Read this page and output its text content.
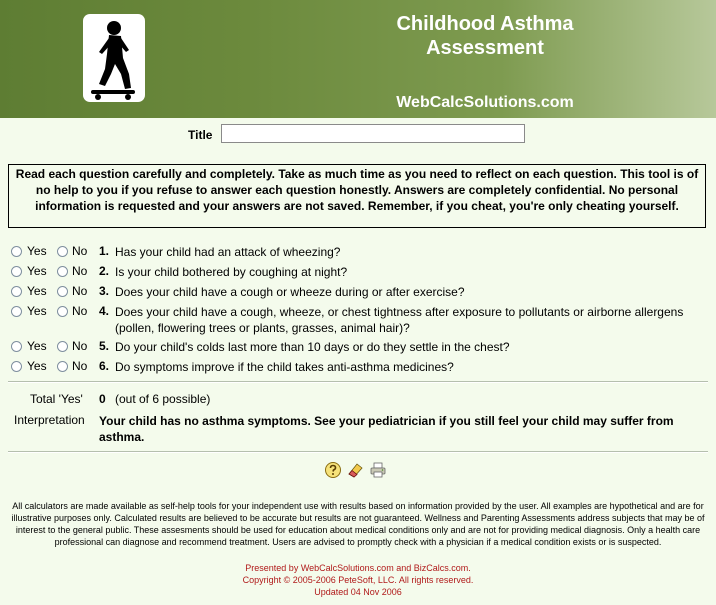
Childhood Asthma
Assessment
WebCalcSolutions.com
Title
Read each question carefully and completely. Take as much time as you need to reflect on each question. This tool is of no help to you if you refuse to answer each question honestly. Answers are completely confidential. No personal information is requested and your answers are not saved. Remember, if you cheat, you're only cheating yourself.
Yes No 1. Has your child had an attack of wheezing?
Yes No 2. Is your child bothered by coughing at night?
Yes No 3. Does your child have a cough or wheeze during or after exercise?
Yes No 4. Does your child have a cough, wheeze, or chest tightness after exposure to pollutants or airborne allergens (pollen, flowering trees or plants, grasses, animal hair)?
Yes No 5. Do your child's colds last more than 10 days or do they settle in the chest?
Yes No 6. Do symptoms improve if the child takes anti-asthma medicines?
Total 'Yes' 0 (out of 6 possible)
Interpretation Your child has no asthma symptoms. See your pediatrician if you still feel your child may suffer from asthma.
All calculators are made available as self-help tools for your independent use with results based on information provided by the user. All examples are hypothetical and are for illustrative purposes only. Calculated results are believed to be accurate but results are not guaranteed. Wellness and Parenting Assessments address subjects that may be of interest to the general public. These assesments should be used for education about medical conditions only and are not for providing medical diagnosis. Only a health care professional can diagnose and recommend treatment. Users are advised to promptly check with a physician if a medical condition exists or is suspected.
Presented by WebCalcSolutions.com and BizCalcs.com.
Copyright © 2005-2006 PeteSoft, LLC. All rights reserved.
Updated 04 Nov 2006
